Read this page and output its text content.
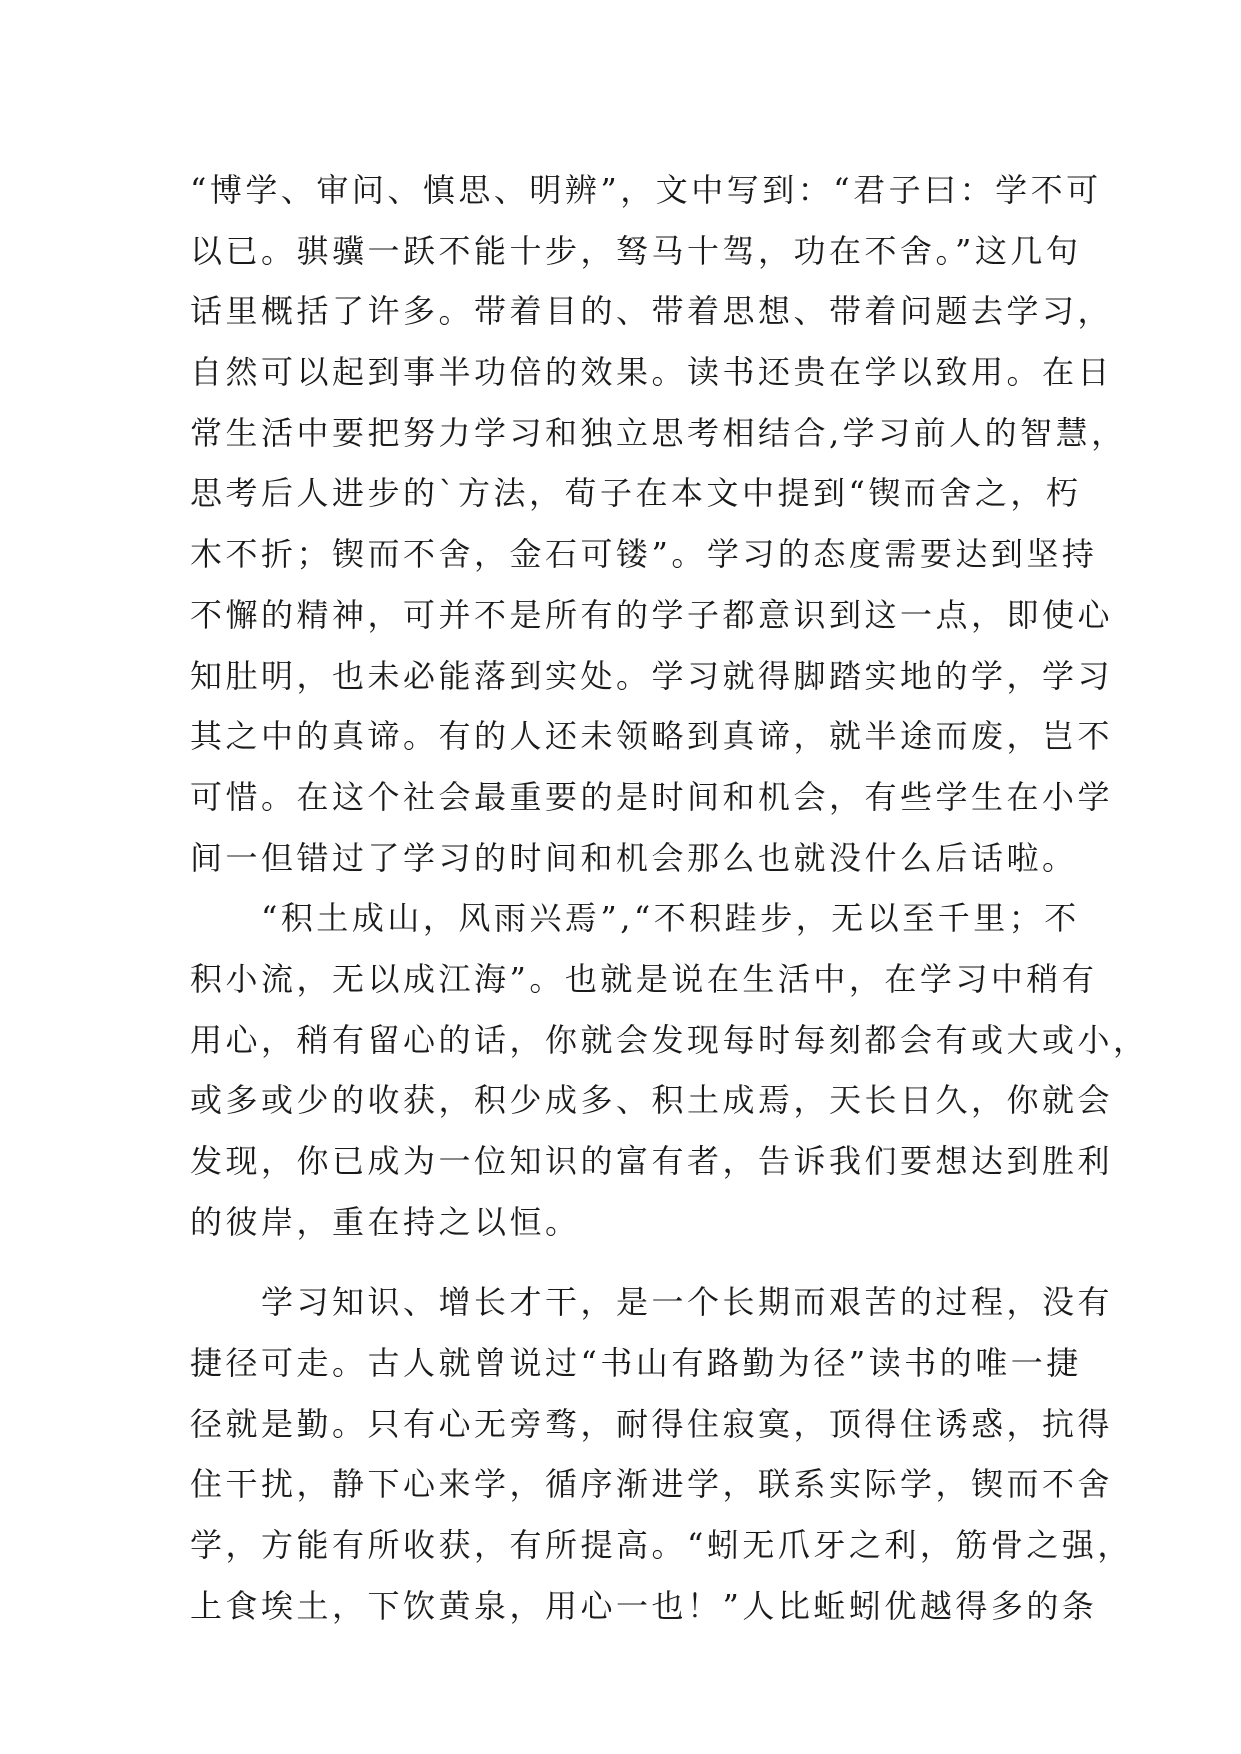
“博学、审问、慎思、明辨”，文中写到：“君子曰：学不可
以已。骐骥一跃不能十步，驽马十驾，功在不舍。”这几句
话里概括了许多。带着目的、带着思想、带着问题去学习，
自然可以起到事半功倍的效果。读书还贵在学以致用。在日
常生活中要把努力学习和独立思考相结合,学习前人的智慧，
思考后人进步的`方法，荀子在本文中提到“锲而舍之，朽
木不折；锲而不舍，金石可镂”。学习的态度需要达到坚持
不懈的精神，可并不是所有的学子都意识到这一点，即使心
知肚明，也未必能落到实处。学习就得脚踏实地的学，学习
其之中的真谛。有的人还未领略到真谛，就半途而废，岂不
可惜。在这个社会最重要的是时间和机会，有些学生在小学
间一但错过了学习的时间和机会那么也就没什么后话啦。
　　“积土成山，风雨兴焉”,“不积跬步，无以至千里；不
积小流，无以成江海”。也就是说在生活中，在学习中稍有
用心，稍有留心的话，你就会发现每时每刻都会有或大或小，
或多或少的收获，积少成多、积土成焉，天长日久，你就会
发现，你已成为一位知识的富有者，告诉我们要想达到胜利
的彼岸，重在持之以恒。
　　学习知识、增长才干，是一个长期而艰苦的过程，没有
捷径可走。古人就曾说过“书山有路勤为径”读书的唯一捷
径就是勤。只有心无旁骛，耐得住寂寞，顶得住诱惑，抗得
住干扰，静下心来学，循序渐进学，联系实际学，锲而不舍
学，方能有所收获，有所提高。“蚓无爪牙之利，筋骨之强，
上食埃土，下饮黄泉，用心一也！”人比蚯蚓优越得多的条
